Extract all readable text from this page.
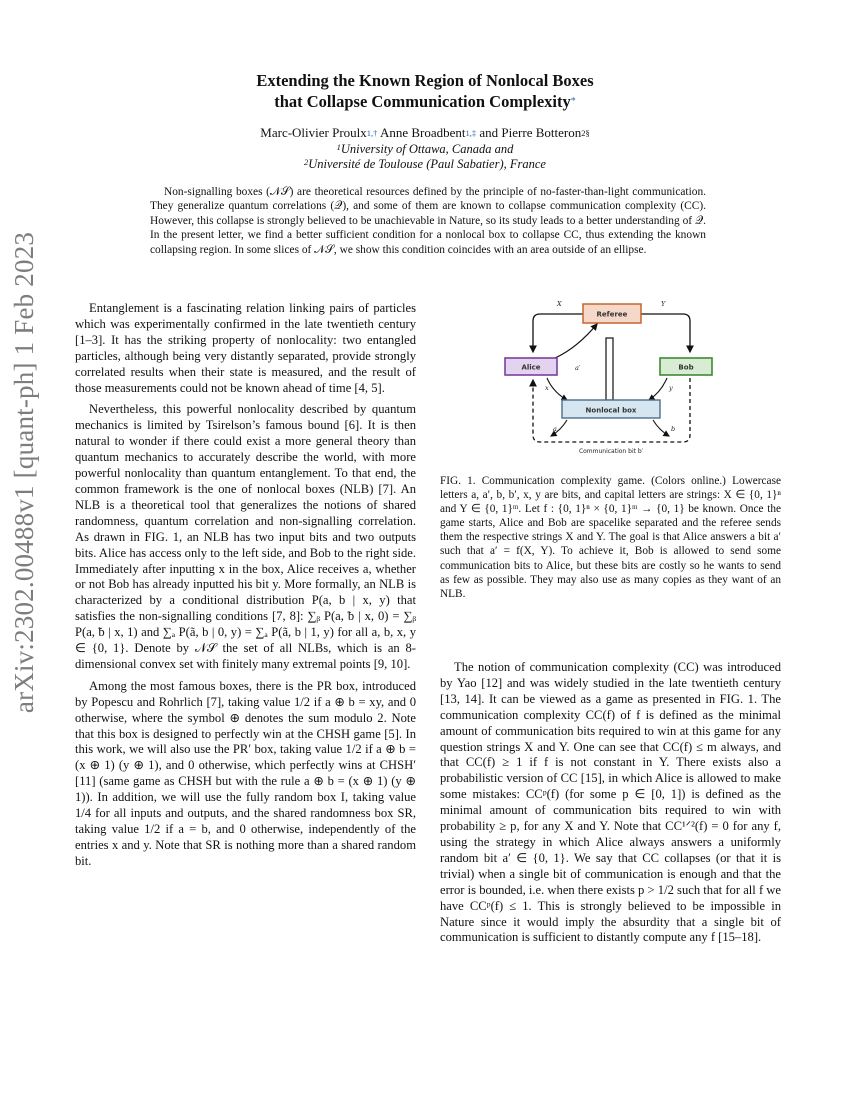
arXiv:2302.00488v1 [quant-ph] 1 Feb 2023
Extending the Known Region of Nonlocal Boxes
that Collapse Communication Complexity*
Marc-Olivier Proulx$^{1,\dagger}$ Anne Broadbent$^{1,\ddagger}$ and Pierre Botteron$^{2\S}$
$^1$University of Ottawa, Canada and
$^2$Université de Toulouse (Paul Sabatier), France
Non-signalling boxes (𝒩𝒮) are theoretical resources defined by the principle of no-faster-than-light communication. They generalize quantum correlations (𝒬), and some of them are known to collapse communication complexity (CC). However, this collapse is strongly believed to be unachievable in Nature, so its study leads to a better understanding of 𝒬. In the present letter, we find a better sufficient condition for a nonlocal box to collapse CC, thus extending the known collapsing region. In some slices of 𝒩𝒮, we show this condition coincides with an area outside of an ellipse.

Entanglement is a fascinating relation linking pairs of particles which was experimentally confirmed in the late twentieth century [1–3]. It has the striking property of nonlocality: two entangled particles, although being very distantly separated, provide strongly correlated results when their state is measured, and the result of those measurements could not be known ahead of time [4, 5].

Nevertheless, this powerful nonlocality described by quantum mechanics is limited by Tsirelson’s famous bound [6]. It is then natural to wonder if there could exist a more general theory than quantum mechanics to accurately describe the world, with more powerful nonlocality than quantum entanglement. To that end, the common framework is the one of nonlocal boxes (NLB) [7]. An NLB is a theoretical tool that generalizes the notions of shared randomness, quantum correlation and non-signalling correlation. As drawn in FIG. 1, an NLB has two input bits and two outputs bits. Alice has access only to the left side, and Bob to the right side. Immediately after inputting x in the box, Alice receives a, whether or not Bob has already inputted his bit y. More formally, an NLB is characterized by a conditional distribution P(a, b | x, y) that satisfies the non-signalling conditions [7, 8]: ∑ᵦ P(a, ̃b | x, 0) = ∑ᵦ P(a, ̃b | x, 1) and ∑ₐ P(ã, b | 0, y) = ∑ₐ P(ã, b | 1, y) for all a, b, x, y ∈ {0, 1}. Denote by 𝒩𝒮 the set of all NLBs, which is an 8-dimensional convex set with finitely many extremal points [9, 10].

Among the most famous boxes, there is the PR box, introduced by Popescu and Rohrlich [7], taking value 1/2 if a ⊕ b = xy, and 0 otherwise, where the symbol ⊕ denotes the sum modulo 2. Note that this box is designed to perfectly win at the CHSH game [5]. In this work, we will also use the PR′ box, taking value 1/2 if a ⊕ b = (x ⊕ 1) (y ⊕ 1), and 0 otherwise, which perfectly wins at CHSH′ [11] (same game as CHSH but with the rule a ⊕ b = (x ⊕ 1) (y ⊕ 1)). In addition, we will use the fully random box I, taking value 1/4 for all inputs and outputs, and the shared randomness box SR, taking value 1/2 if a = b, and 0 otherwise, independently of the entries x and y. Note that SR is nothing more than a shared random bit.

X	Y
Referee
a′
Alice	Bob
x	y
Nonlocal box
a	b
Communication bit b′
FIG. 1. Communication complexity game. (Colors online.) Lowercase letters a, a′, b, b′, x, y are bits, and capital letters are strings: X ∈ {0, 1}ⁿ and Y ∈ {0, 1}ᵐ. Let f : {0, 1}ⁿ × {0, 1}ᵐ → {0, 1} be known. Once the game starts, Alice and Bob are spacelike separated and the referee sends them the respective strings X and Y. The goal is that Alice answers a bit a′ such that a′ = f(X, Y). To achieve it, Bob is allowed to send some communication bits to Alice, but these bits are costly so he wants to send as few as possible. They may also use as many copies as they want of an NLB.

The notion of communication complexity (CC) was introduced by Yao [12] and was widely studied in the late twentieth century [13, 14]. It can be viewed as a game as presented in FIG. 1. The communication complexity CC(f) of f is defined as the minimal amount of communication bits required to win at this game for any question strings X and Y. One can see that CC(f) ≤ m always, and that CC(f) ≥ 1 if f is not constant in Y. There exists also a probabilistic version of CC [15], in which Alice is allowed to make some mistakes: CCᵖ(f) (for some p ∈ [0, 1]) is defined as the minimal amount of communication bits required to win with probability ≥ p, for any X and Y. Note that CC¹ᐟ²(f) = 0 for any f, using the strategy in which Alice always answers a uniformly random bit a′ ∈ {0, 1}. We say that CC collapses (or that it is trivial) when a single bit of communication is enough and that the error is bounded, i.e. when there exists p > 1/2 such that for all f we have CCᵖ(f) ≤ 1. This is strongly believed to be impossible in Nature since it would imply the absurdity that a single bit of communication is sufficient to distantly compute any f [15–18].
